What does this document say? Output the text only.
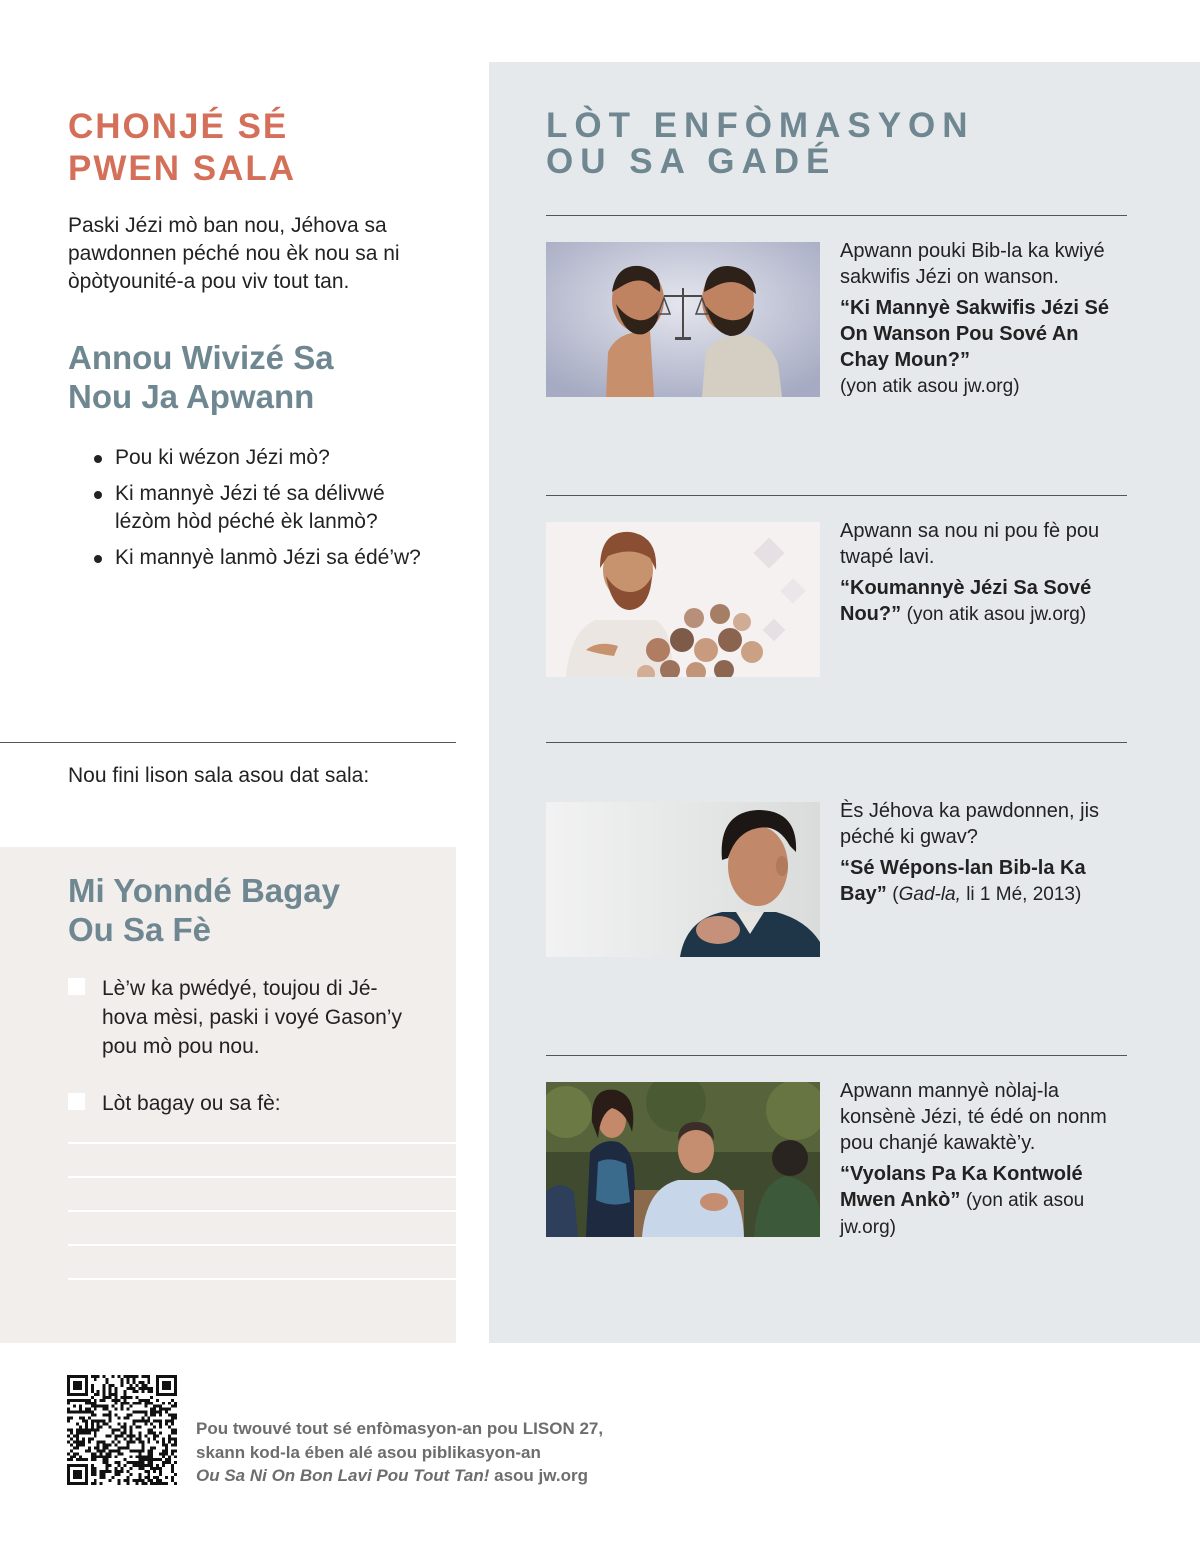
CHONJÉ SÉ
PWEN SALA

Paski Jézi mò ban nou, Jéhova sa
pawdonnen péché nou èk nou sa ni
òpòtyounité-a pou viv tout tan.

Annou Wivizé Sa
Nou Ja Apwann
Pou ki wézon Jézi mò?
Ki mannyè Jézi té sa délivwé
lézòm hòd péché èk lanmò?
Ki mannyè lanmò Jézi sa édé’w?

Nou fini lison sala asou dat sala:

Mi Yonndé Bagay
Ou Sa Fè
Lè’w ka pwédyé, toujou di Jé-
hova mèsi, paski i voyé Gason’y
pou mò pou nou.
Lòt bagay ou sa fè:
LÒT ENFÒMASYON
OU SA GADÉ
Apwann pouki Bib-la ka kwiyé sakwifis Jézi on wanson.
“Ki Mannyè Sakwifis Jézi Sé On Wanson Pou Sové An Chay Moun?”
(yon atik asou jw.org)
Apwann sa nou ni pou fè pou twapé lavi.
“Koumannyè Jézi Sa Sové Nou?” (yon atik asou jw.org)
Ès Jéhova ka pawdonnen, jis péché ki gwav?
“Sé Wépons-lan Bib-la Ka Bay” (Gad-la, li 1 Mé, 2013)
Apwann mannyè nòlaj-la konsènè Jézi, té édé on nonm pou chanjé kawaktè’y.
“Vyolans Pa Ka Kontwolé Mwen Ankò” (yon atik asou jw.org)

Pou twouvé tout sé enfòmasyon-an pou LISON 27,
skann kod-la ében alé asou piblikasyon-an
Ou Sa Ni On Bon Lavi Pou Tout Tan! asou jw.org
